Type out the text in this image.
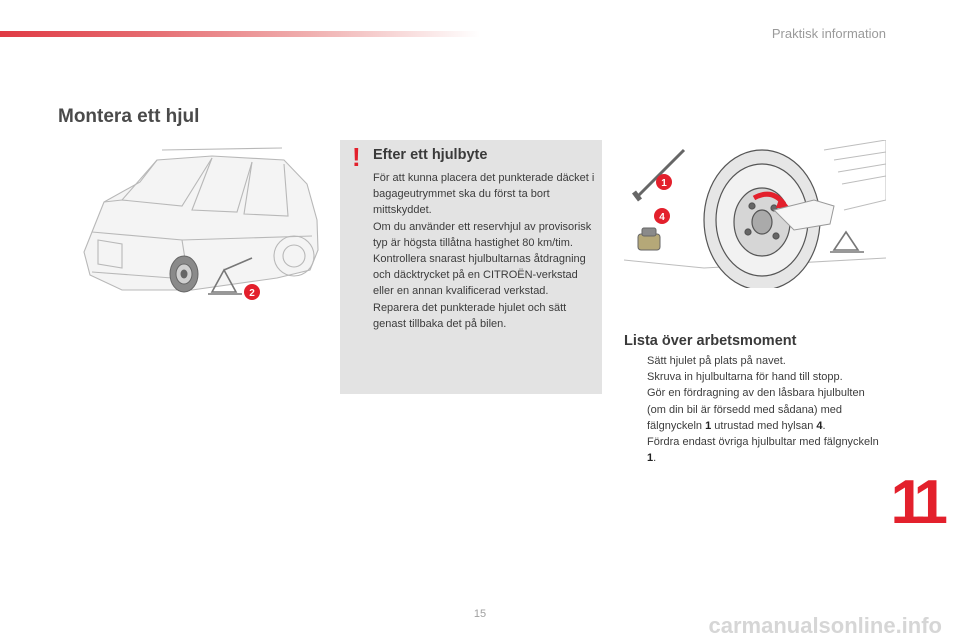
Praktisk information
Montera ett hjul
2
! Efter ett hjulbyte

För att kunna placera det punkterade däcket i bagageutrymmet ska du först ta bort mittskyddet.

Om du använder ett reservhjul av provisorisk typ är högsta tillåtna hastighet 80 km/tim.

Kontrollera snarast hjulbultarnas åtdragning och däcktrycket på en CITROËN-verkstad eller en annan kvalificerad verkstad.

Reparera det punkterade hjulet och sätt genast tillbaka det på bilen.

1
4
Lista över arbetsmoment
Sätt hjulet på plats på navet.
Skruva in hjulbultarna för hand till stopp.
Gör en fördragning av den låsbara hjulbulten (om din bil är försedd med sådana) med fälgnyckeln 1 utrustad med hylsan 4.
Fördra endast övriga hjulbultar med fälgnyckeln 1.
11
15	carmanualsonline.info
